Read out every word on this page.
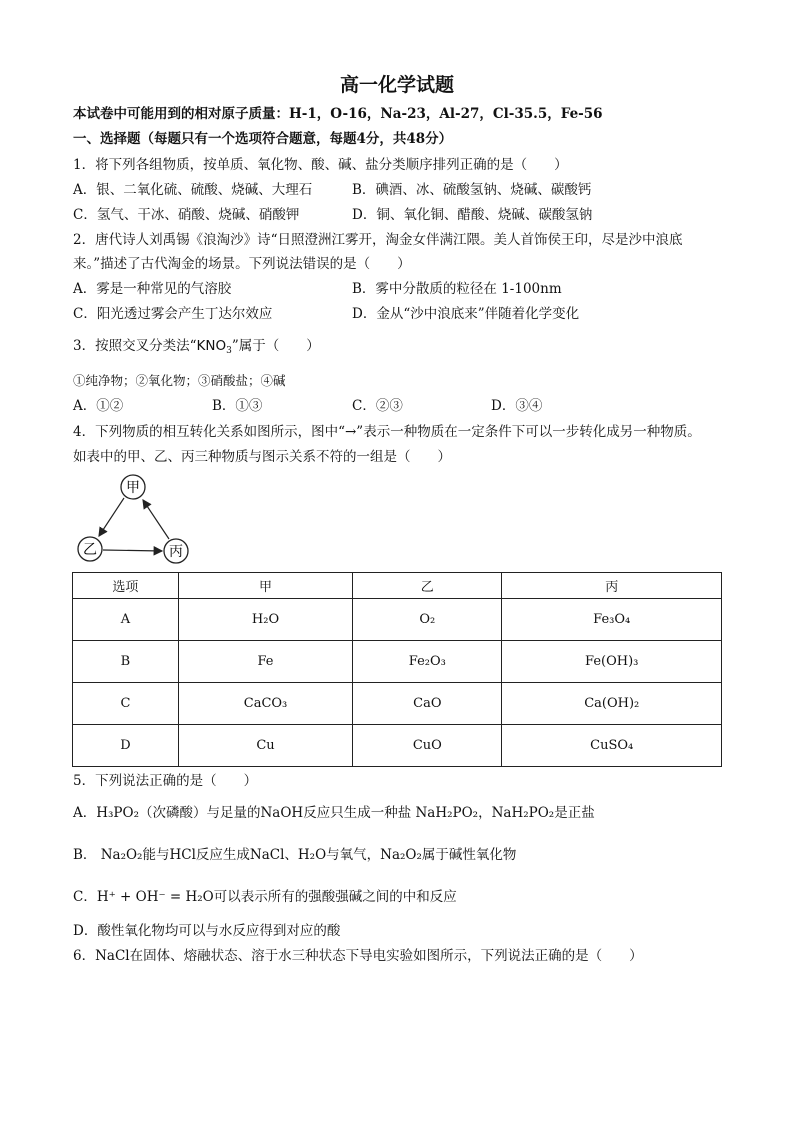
高一化学试题
本试卷中可能用到的相对原子质量：H-1，O-16，Na-23，Al-27，Cl-35.5，Fe-56
一、选择题（每题只有一个选项符合题意，每题4分，共48分）
1．将下列各组物质，按单质、氧化物、酸、碱、盐分类顺序排列正确的是（　　）
A．银、二氧化硫、硫酸、烧碱、大理石	B．碘酒、冰、硫酸氢钠、烧碱、碳酸钙
C．氢气、干冰、硝酸、烧碱、硝酸钾	D．铜、氧化铜、醋酸、烧碱、碳酸氢钠
2．唐代诗人刘禹锡《浪淘沙》诗“日照澄洲江雾开，淘金女伴满江隈。美人首饰侯王印，尽是沙中浪底
来。”描述了古代淘金的场景。下列说法错误的是（　　）
A．雾是一种常见的气溶胶	B．雾中分散质的粒径在 1-100nm
C．阳光透过雾会产生丁达尔效应	D．金从“沙中浪底来”伴随着化学变化
3．按照交叉分类法“$KNO_3$”属于（　　）
①纯净物；②氧化物；③硝酸盐；④碱
A．①②	B．①③	C．②③	D．③④
4．下列物质的相互转化关系如图所示，图中“→”表示一种物质在一定条件下可以一步转化成另一种物质。
如表中的甲、乙、丙三种物质与图示关系不符的一组是（　　）
甲
乙	丙
选项	甲	乙	丙
A	H₂O	O₂	Fe₃O₄
B	Fe	Fe₂O₃	Fe(OH)₃
C	CaCO₃	CaO	Ca(OH)₂
D	Cu	CuO	CuSO₄
5．下列说法正确的是（　　）
A．H₃PO₂（次磷酸）与足量的NaOH反应只生成一种盐 NaH₂PO₂，NaH₂PO₂是正盐
B． Na₂O₂能与HCl反应生成NaCl、H₂O与氧气，Na₂O₂属于碱性氧化物
C．H⁺ + OH⁻ = H₂O可以表示所有的强酸强碱之间的中和反应
D．酸性氧化物均可以与水反应得到对应的酸
6．NaCl在固体、熔融状态、溶于水三种状态下导电实验如图所示，下列说法正确的是（　　）
